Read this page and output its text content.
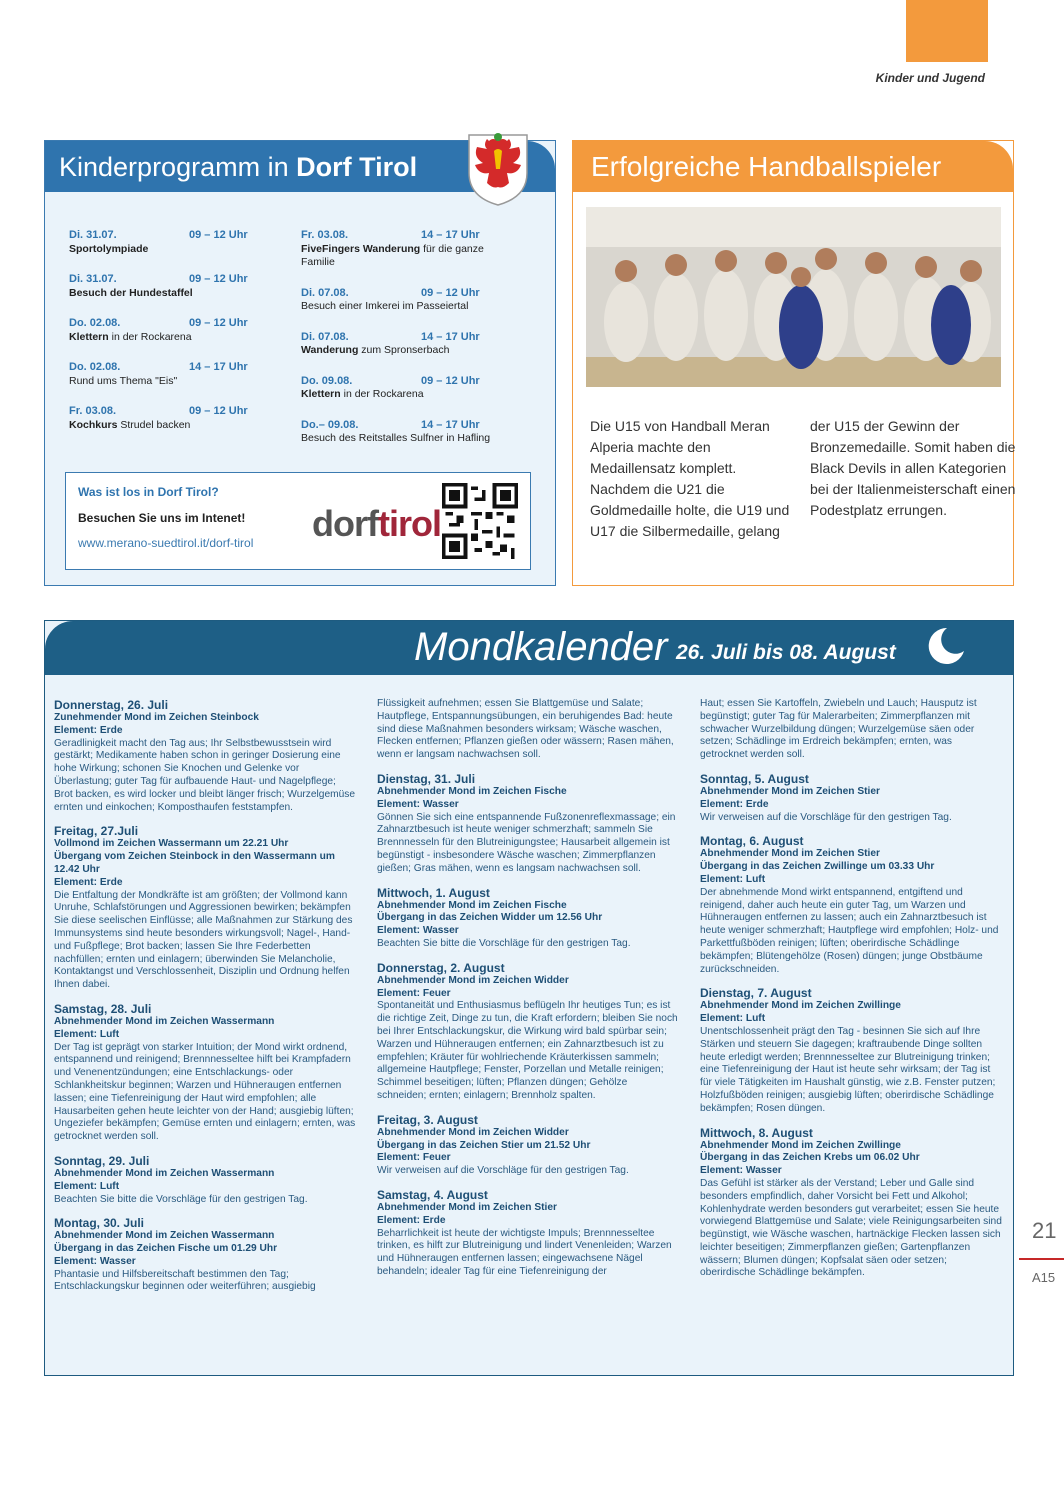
Kinder und Jugend
Kinderprogramm in Dorf Tirol
Di. 31.07.	09 – 12 Uhr
Sportolympiade
Di. 31.07.	09 – 12 Uhr
Besuch der Hundestaffel
Do. 02.08.	09 – 12 Uhr
Klettern in der Rockarena
Do. 02.08.	14 – 17 Uhr
Rund ums Thema "Eis"
Fr. 03.08.	09 – 12 Uhr
Kochkurs Strudel backen
Fr. 03.08.	14 – 17 Uhr
FiveFingers Wanderung für die ganze Familie
Di. 07.08.	09 – 12 Uhr
Besuch einer Imkerei im Passeiertal
Di. 07.08.	14 – 17 Uhr
Wanderung zum Spronserbach
Do. 09.08.	09 – 12 Uhr
Klettern in der Rockarena
Do.– 09.08.	14 – 17 Uhr
Besuch des Reitstalles Sulfner in Hafling
Was ist los in Dorf Tirol?
Besuchen Sie uns im Intenet!
www.merano-suedtirol.it/dorf-tirol dorftirol
Erfolgreiche Handballspieler
Die U15 von Handball Meran Alperia machte den Medaillensatz komplett. Nachdem die U21 die Goldmedaille holte, die U19 und U17 die Silbermedaille, gelang
der U15 der Gewinn der Bronzemedaille. Somit haben die Black Devils in allen Kategorien bei der Italienmeisterschaft einen Podestplatz errungen.
Mondkalender 26. Juli bis 08. August
Donnerstag, 26. Juli
Zunehmender Mond im Zeichen Steinbock
Element: Erde
Geradlinigkeit macht den Tag aus; Ihr Selbstbewusstsein wird gestärkt; Medikamente haben schon in geringer Dosierung eine hohe Wirkung; schonen Sie Knochen und Gelenke vor Überlastung; guter Tag für aufbauende Haut- und Nagelpflege; Brot backen, es wird locker und bleibt länger frisch; Wurzelgemüse ernten und einkochen; Komposthaufen feststampfen.
Freitag, 27.Juli
Vollmond im Zeichen Wassermann um 22.21 Uhr
Übergang vom Zeichen Steinbock in den Wassermann um 12.42 Uhr
Element: Erde
Die Entfaltung der Mondkräfte ist am größten; der Vollmond kann Unruhe, Schlafstörungen und Aggressionen bewirken; bekämpfen Sie diese seelischen Einflüsse; alle Maßnahmen zur Stärkung des Immunsystems sind heute besonders wirkungsvoll; Nagel-, Hand- und Fußpflege; Brot backen; lassen Sie Ihre Federbetten nachfüllen; ernten und einlagern; überwinden Sie Melancholie, Kontaktangst und Verschlossenheit, Disziplin und Ordnung helfen Ihnen dabei.
Samstag, 28. Juli
Abnehmender Mond im Zeichen Wassermann
Element: Luft
Der Tag ist geprägt von starker Intuition; der Mond wirkt ordnend, entspannend und reinigend; Brennnesseltee hilft bei Krampfadern und Venenentzündungen; eine Entschlackungs- oder Schlankheitskur beginnen; Warzen und Hühneraugen entfernen lassen; eine Tiefenreinigung der Haut wird empfohlen; alle Hausarbeiten gehen heute leichter von der Hand; ausgiebig lüften; Ungeziefer bekämpfen; Gemüse ernten und einlagern; ernten, was getrocknet werden soll.
Sonntag, 29. Juli
Abnehmender Mond im Zeichen Wassermann
Element: Luft
Beachten Sie bitte die Vorschläge für den gestrigen Tag.
Montag, 30. Juli
Abnehmender Mond im Zeichen Wassermann
Übergang in das Zeichen Fische um 01.29 Uhr
Element: Wasser
Phantasie und Hilfsbereitschaft bestimmen den Tag; Entschlackungskur beginnen oder weiterführen; ausgiebig
Flüssigkeit aufnehmen; essen Sie Blattgemüse und Salate; Hautpflege, Entspannungsübungen, ein beruhigendes Bad: heute sind diese Maßnahmen besonders wirksam; Wäsche waschen, Flecken entfernen; Pflanzen gießen oder wässern; Rasen mähen, wenn er langsam nachwachsen soll.
Dienstag, 31. Juli
Abnehmender Mond im Zeichen Fische
Element: Wasser
Gönnen Sie sich eine entspannende Fußzonenreflexmassage; ein Zahnarztbesuch ist heute weniger schmerzhaft; sammeln Sie Brennnesseln für den Blutreinigungstee; Hausarbeit allgemein ist begünstigt - insbesondere Wäsche waschen; Zimmerpflanzen gießen; Gras mähen, wenn es langsam nachwachsen soll.
Mittwoch, 1. August
Abnehmender Mond im Zeichen Fische
Übergang in das Zeichen Widder um 12.56 Uhr
Element: Wasser
Beachten Sie bitte die Vorschläge für den gestrigen Tag.
Donnerstag, 2. August
Abnehmender Mond im Zeichen Widder
Element: Feuer
Spontaneität und Enthusiasmus beflügeln Ihr heutiges Tun; es ist die richtige Zeit, Dinge zu tun, die Kraft erfordern; bleiben Sie noch bei Ihrer Entschlackungskur, die Wirkung wird bald spürbar sein; Warzen und Hühneraugen entfernen; ein Zahnarztbesuch ist zu empfehlen; Kräuter für wohlriechende Kräuterkissen sammeln; allgemeine Hautpflege; Fenster, Porzellan und Metalle reinigen; Schimmel beseitigen; lüften; Pflanzen düngen; Gehölze schneiden; ernten; einlagern; Brennholz spalten.
Freitag, 3. August
Abnehmender Mond im Zeichen Widder
Übergang in das Zeichen Stier um 21.52 Uhr
Element: Feuer
Wir verweisen auf die Vorschläge für den gestrigen Tag.
Samstag, 4. August
Abnehmender Mond im Zeichen Stier
Element: Erde
Beharrlichkeit ist heute der wichtigste Impuls; Brennnesseltee trinken, es hilft zur Blutreinigung und lindert Venenleiden; Warzen und Hühneraugen entfernen lassen; eingewachsene Nägel behandeln; idealer Tag für eine Tiefenreinigung der
Haut; essen Sie Kartoffeln, Zwiebeln und Lauch; Hausputz ist begünstigt; guter Tag für Malerarbeiten; Zimmerpflanzen mit schwacher Wurzelbildung düngen; Wurzelgemüse säen oder setzen; Schädlinge im Erdreich bekämpfen; ernten, was getrocknet werden soll.
Sonntag, 5. August
Abnehmender Mond im Zeichen Stier
Element: Erde
Wir verweisen auf die Vorschläge für den gestrigen Tag.
Montag, 6. August
Abnehmender Mond im Zeichen Stier
Übergang in das Zeichen Zwillinge um 03.33 Uhr
Element: Luft
Der abnehmende Mond wirkt entspannend, entgiftend und reinigend, daher auch heute ein guter Tag, um Warzen und Hühneraugen entfernen zu lassen; auch ein Zahnarztbesuch ist heute weniger schmerzhaft; Hautpflege wird empfohlen; Holz- und Parkettfußböden reinigen; lüften; oberirdische Schädlinge bekämpfen; Blütengehölze (Rosen) düngen; junge Obstbäume zurückschneiden.
Dienstag, 7. August
Abnehmender Mond im Zeichen Zwillinge
Element: Luft
Unentschlossenheit prägt den Tag - besinnen Sie sich auf Ihre Stärken und steuern Sie dagegen; kraftraubende Dinge sollten heute erledigt werden; Brennnesseltee zur Blutreinigung trinken; eine Tiefenreinigung der Haut ist heute sehr wirksam; der Tag ist für viele Tätigkeiten im Haushalt günstig, wie z.B. Fenster putzen; Holzfußböden reinigen; ausgiebig lüften; oberirdische Schädlinge bekämpfen; Rosen düngen.
Mittwoch, 8. August
Abnehmender Mond im Zeichen Zwillinge
Übergang in das Zeichen Krebs um 06.02 Uhr
Element: Wasser
Das Gefühl ist stärker als der Verstand; Leber und Galle sind besonders empfindlich, daher Vorsicht bei Fett und Alkohol; Kohlenhydrate werden besonders gut verarbeitet; essen Sie heute vorwiegend Blattgemüse und Salate; viele Reinigungsarbeiten sind begünstigt, wie Wäsche waschen, hartnäckige Flecken lassen sich leichter beseitigen; Zimmerpflanzen gießen; Gartenpflanzen wässern; Blumen düngen; Kopfsalat säen oder setzen; oberirdische Schädlinge bekämpfen.
21
A15
